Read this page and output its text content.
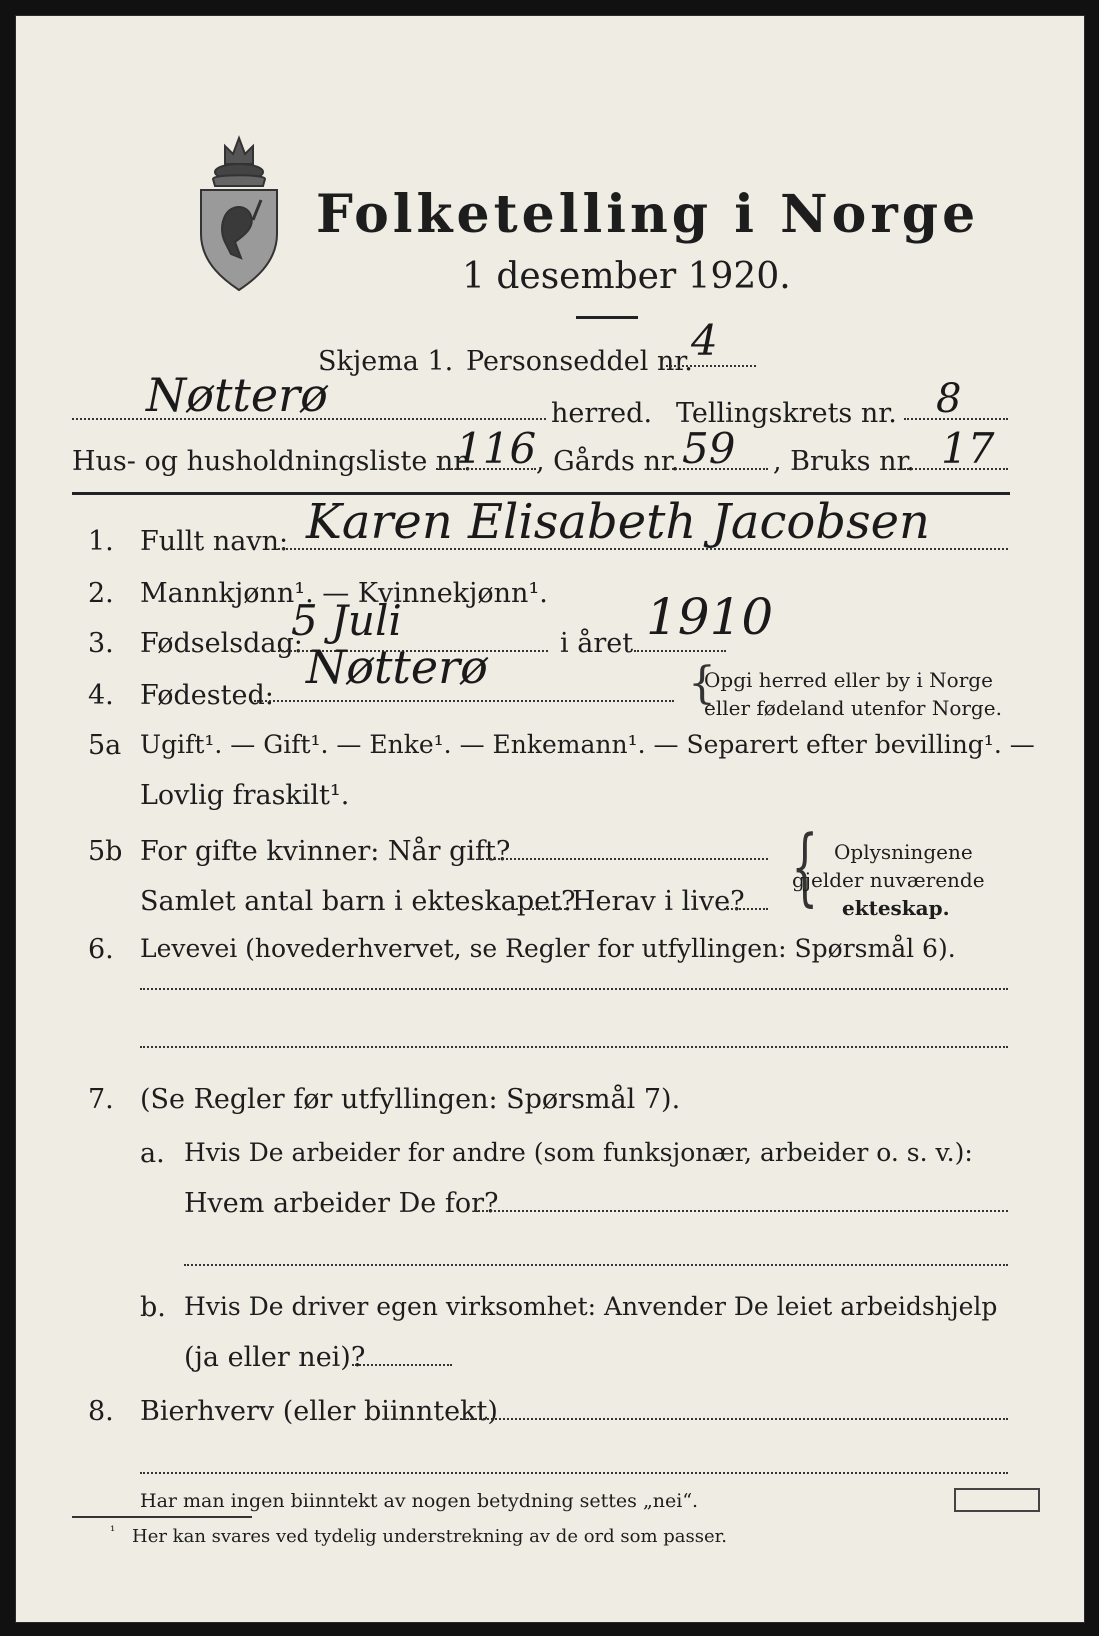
Folketelling i Norge
1 desember 1920.
Skjema 1. Personseddel nr.
4
Nøtterø	herred. Tellingskrets nr. 8
Hus- og husholdningsliste nr.
116 , Gårds nr. 59 , Bruks nr. 17
1. Fullt navn: Karen Elisabeth Jacobsen
2. Mannkjønn¹. — Kvinnekjønn¹.
3. Fødselsdag:
5 Juli	i året 1910
4. Fødested:
Nøtterø	{
Opgi herred eller by i Norge
eller fødeland utenfor Norge.
5a Ugift¹. — Gift¹. — Enke¹. — Enkemann¹. — Separert efter bevilling¹. —
Lovlig fraskilt¹.
5b For gifte kvinner: Når gift?
Samlet antal barn i ekteskapet?
Herav i live? { Oplysningene
gjelder nuværende
ekteskap.
6. Levevei (hovederhvervet, se Regler for utfyllingen: Spørsmål 6).
7. (Se Regler før utfyllingen: Spørsmål 7).
a. Hvis De arbeider for andre (som funksjonær, arbeider o. s. v.):
Hvem arbeider De for?
b. Hvis De driver egen virksomhet: Anvender De leiet arbeidshjelp
(ja eller nei)?
8. Bierhverv (eller biinntekt)
Har man ingen biinntekt av nogen betydning settes „nei“.
¹ Her kan svares ved tydelig understrekning av de ord som passer.
